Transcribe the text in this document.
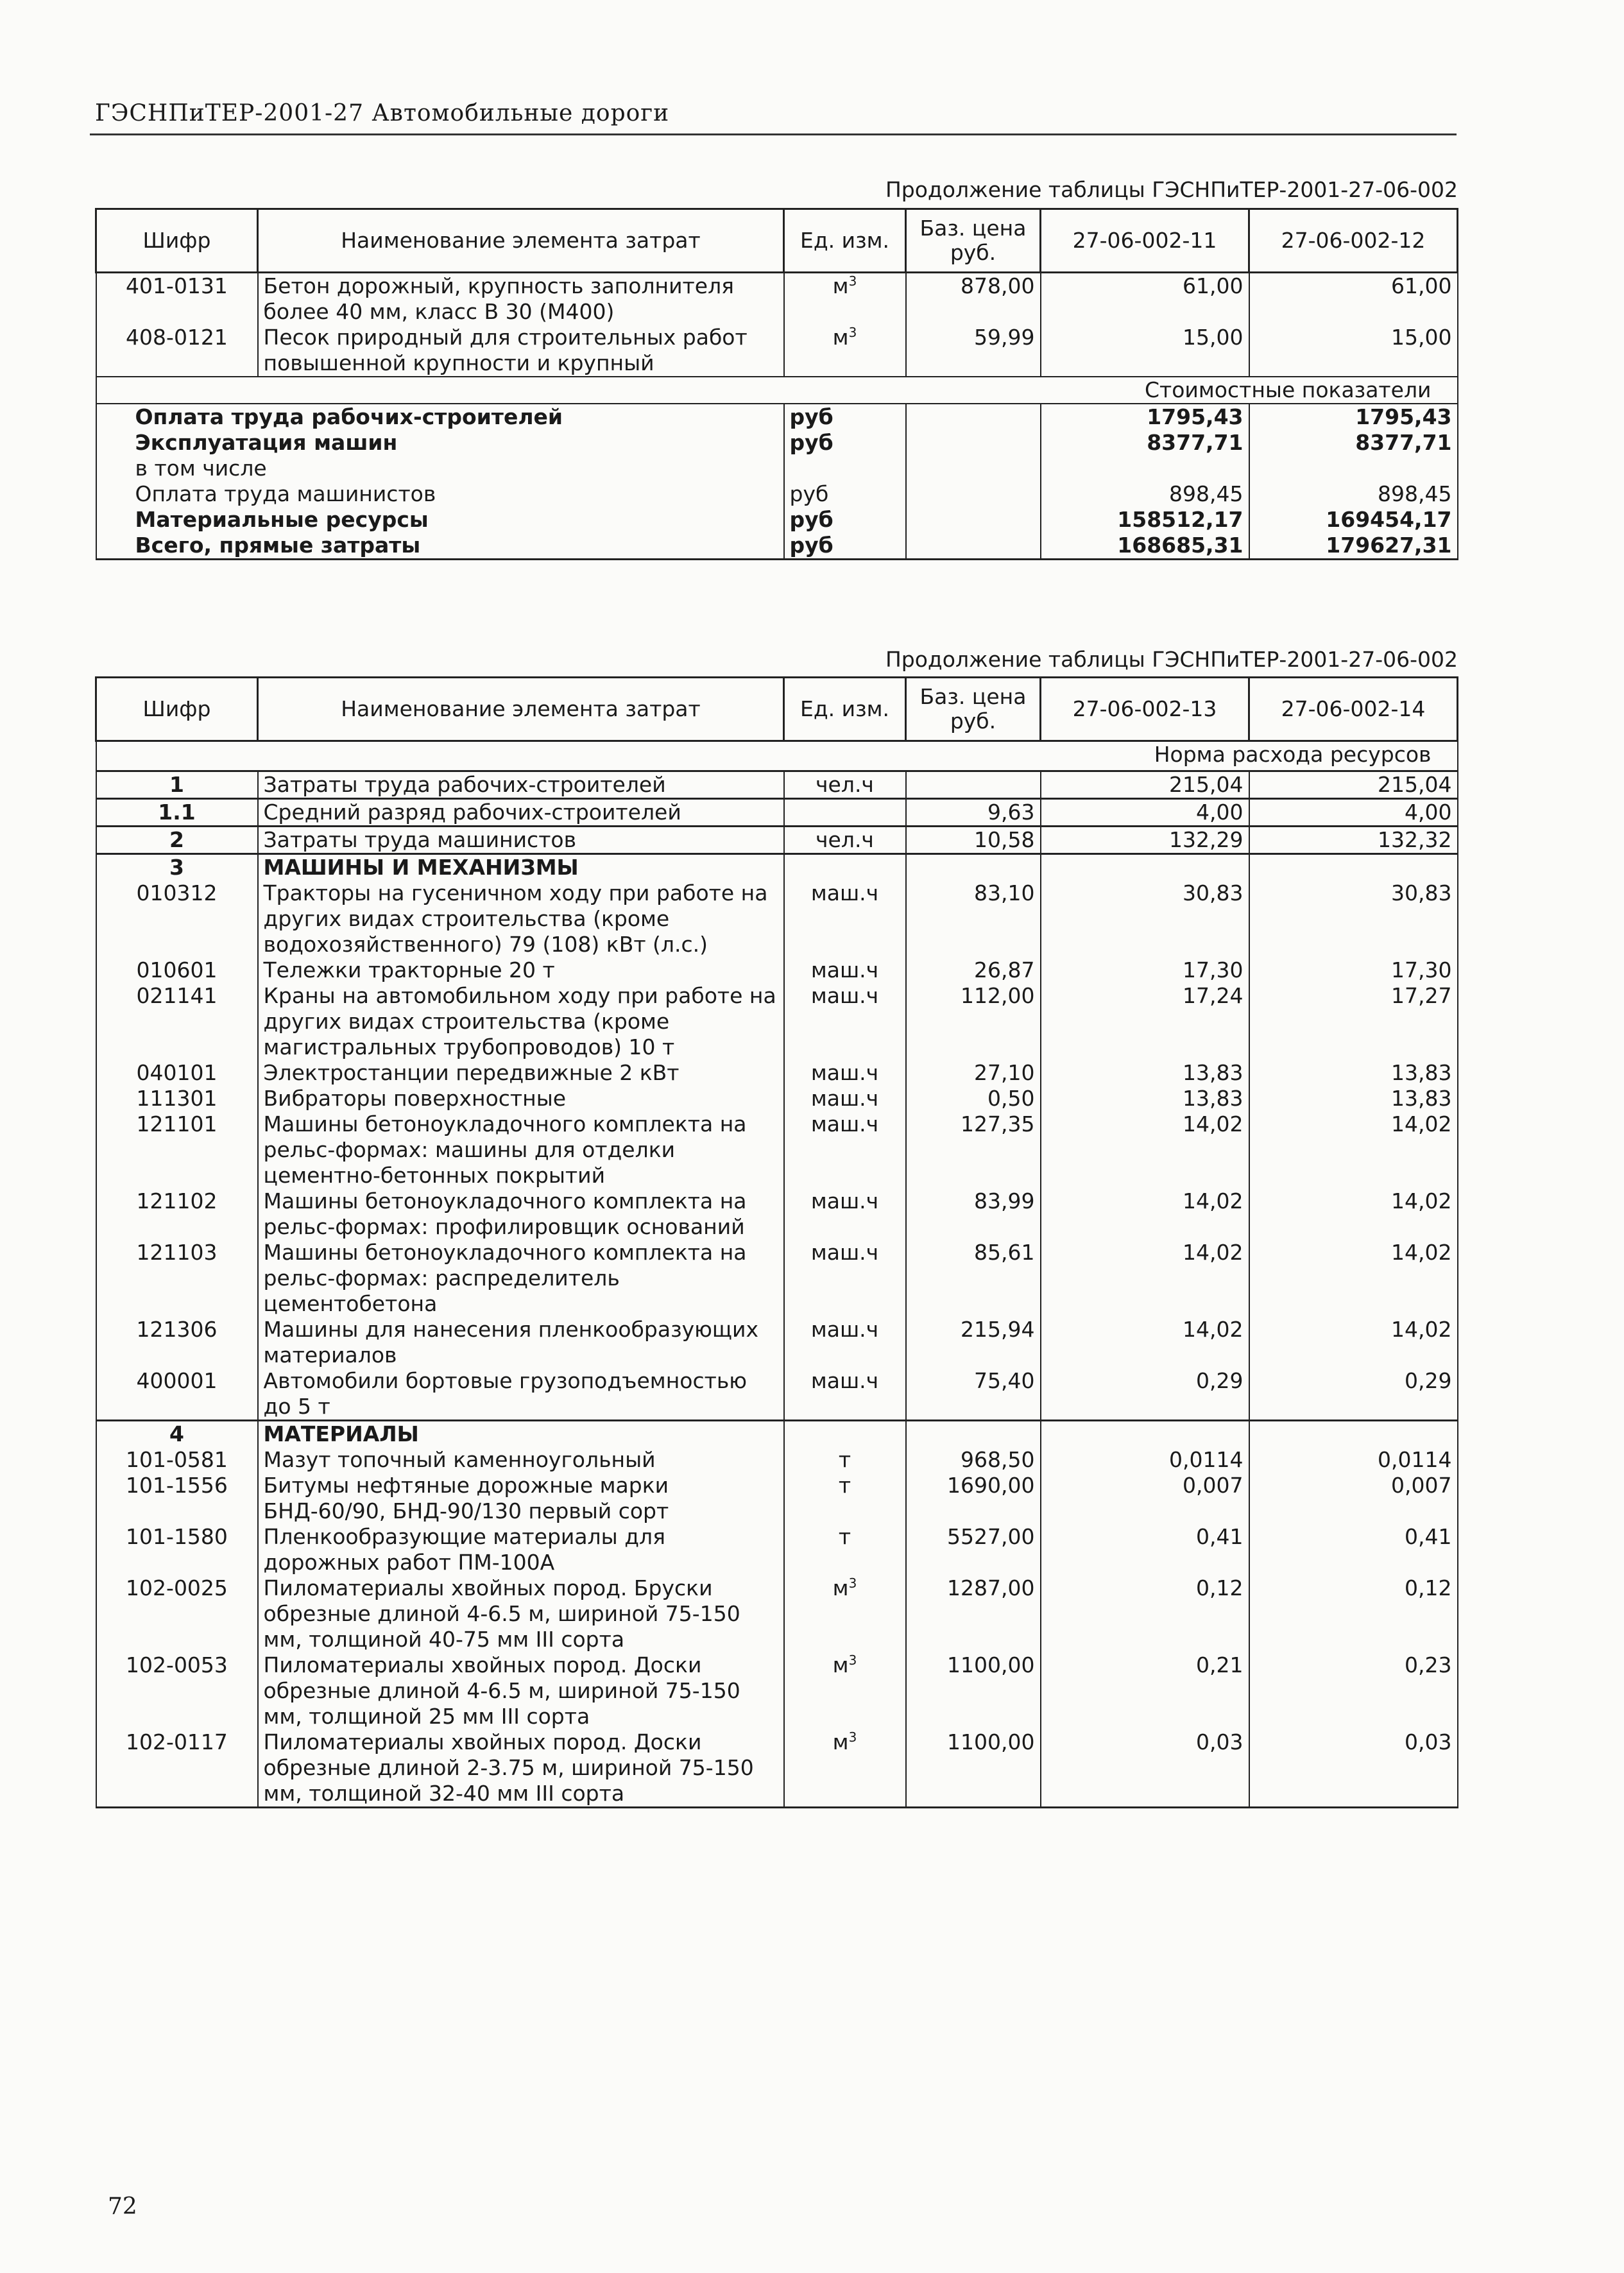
ГЭСНПиТЕР-2001-27 Автомобильные дороги
Продолжение таблицы ГЭСНПиТЕР-2001-27-06-002
Шифр	Наименование элемента затрат	Ед. изм.	Баз. цена руб.	27-06-002-11	27-06-002-12
401-0131	Бетон дорожный, крупность заполнителя более 40 мм, класс В 30 (М400)	$м^3$	878,00	61,00	61,00
408-0121	Песок природный для строительных работ повышенной крупности и крупный	$м^3$	59,99	15,00	15,00
Стоимостные показатели					
Оплата труда рабочих-строителей		руб		1795,43	1795,43
Эксплуатация машин		руб		8377,71	8377,71
в том числе					
Оплата труда машинистов		руб		898,45	898,45
Материальные ресурсы		руб		158512,17	169454,17
Всего, прямые затраты		руб		168685,31	179627,31
Продолжение таблицы ГЭСНПиТЕР-2001-27-06-002
Шифр	Наименование элемента затрат	Ед. изм.	Баз. цена руб.	27-06-002-13	27-06-002-14
Норма расхода ресурсов					
1	Затраты труда рабочих-строителей	чел.ч		215,04	215,04
1.1	Средний разряд рабочих-строителей		9,63	4,00	4,00
2	Затраты труда машинистов	чел.ч	10,58	132,29	132,32
3	МАШИНЫ И МЕХАНИЗМЫ				
010312	Тракторы на гусеничном ходу при работе на других видах строительства (кроме водохозяйственного) 79 (108) кВт (л.с.)	маш.ч	83,10	30,83	30,83
010601	Тележки тракторные 20 т	маш.ч	26,87	17,30	17,30
021141	Краны на автомобильном ходу при работе на других видах строительства (кроме магистральных трубопроводов) 10 т	маш.ч	112,00	17,24	17,27
040101	Электростанции передвижные 2 кВт	маш.ч	27,10	13,83	13,83
111301	Вибраторы поверхностные	маш.ч	0,50	13,83	13,83
121101	Машины бетоноукладочного комплекта на рельс-формах: машины для отделки цементно-бетонных покрытий	маш.ч	127,35	14,02	14,02
121102	Машины бетоноукладочного комплекта на рельс-формах: профилировщик оснований	маш.ч	83,99	14,02	14,02
121103	Машины бетоноукладочного комплекта на рельс-формах: распределитель цементобетона	маш.ч	85,61	14,02	14,02
121306	Машины для нанесения пленкообразующих материалов	маш.ч	215,94	14,02	14,02
400001	Автомобили бортовые грузоподъемностью до 5 т	маш.ч	75,40	0,29	0,29
4	МАТЕРИАЛЫ				
101-0581	Мазут топочный каменноугольный	т	968,50	0,0114	0,0114
101-1556	Битумы нефтяные дорожные марки БНД-60/90, БНД-90/130 первый сорт	т	1690,00	0,007	0,007
101-1580	Пленкообразующие материалы для дорожных работ ПМ-100А	т	5527,00	0,41	0,41
102-0025	Пиломатериалы хвойных пород. Бруски обрезные длиной 4-6.5 м, шириной 75-150 мм, толщиной 40-75 мм III сорта	$м^3$	1287,00	0,12	0,12
102-0053	Пиломатериалы хвойных пород. Доски обрезные длиной 4-6.5 м, шириной 75-150 мм, толщиной 25 мм III сорта	$м^3$	1100,00	0,21	0,23
102-0117	Пиломатериалы хвойных пород. Доски обрезные длиной 2-3.75 м, шириной 75-150 мм, толщиной 32-40 мм III сорта	$м^3$	1100,00	0,03	0,03
72
